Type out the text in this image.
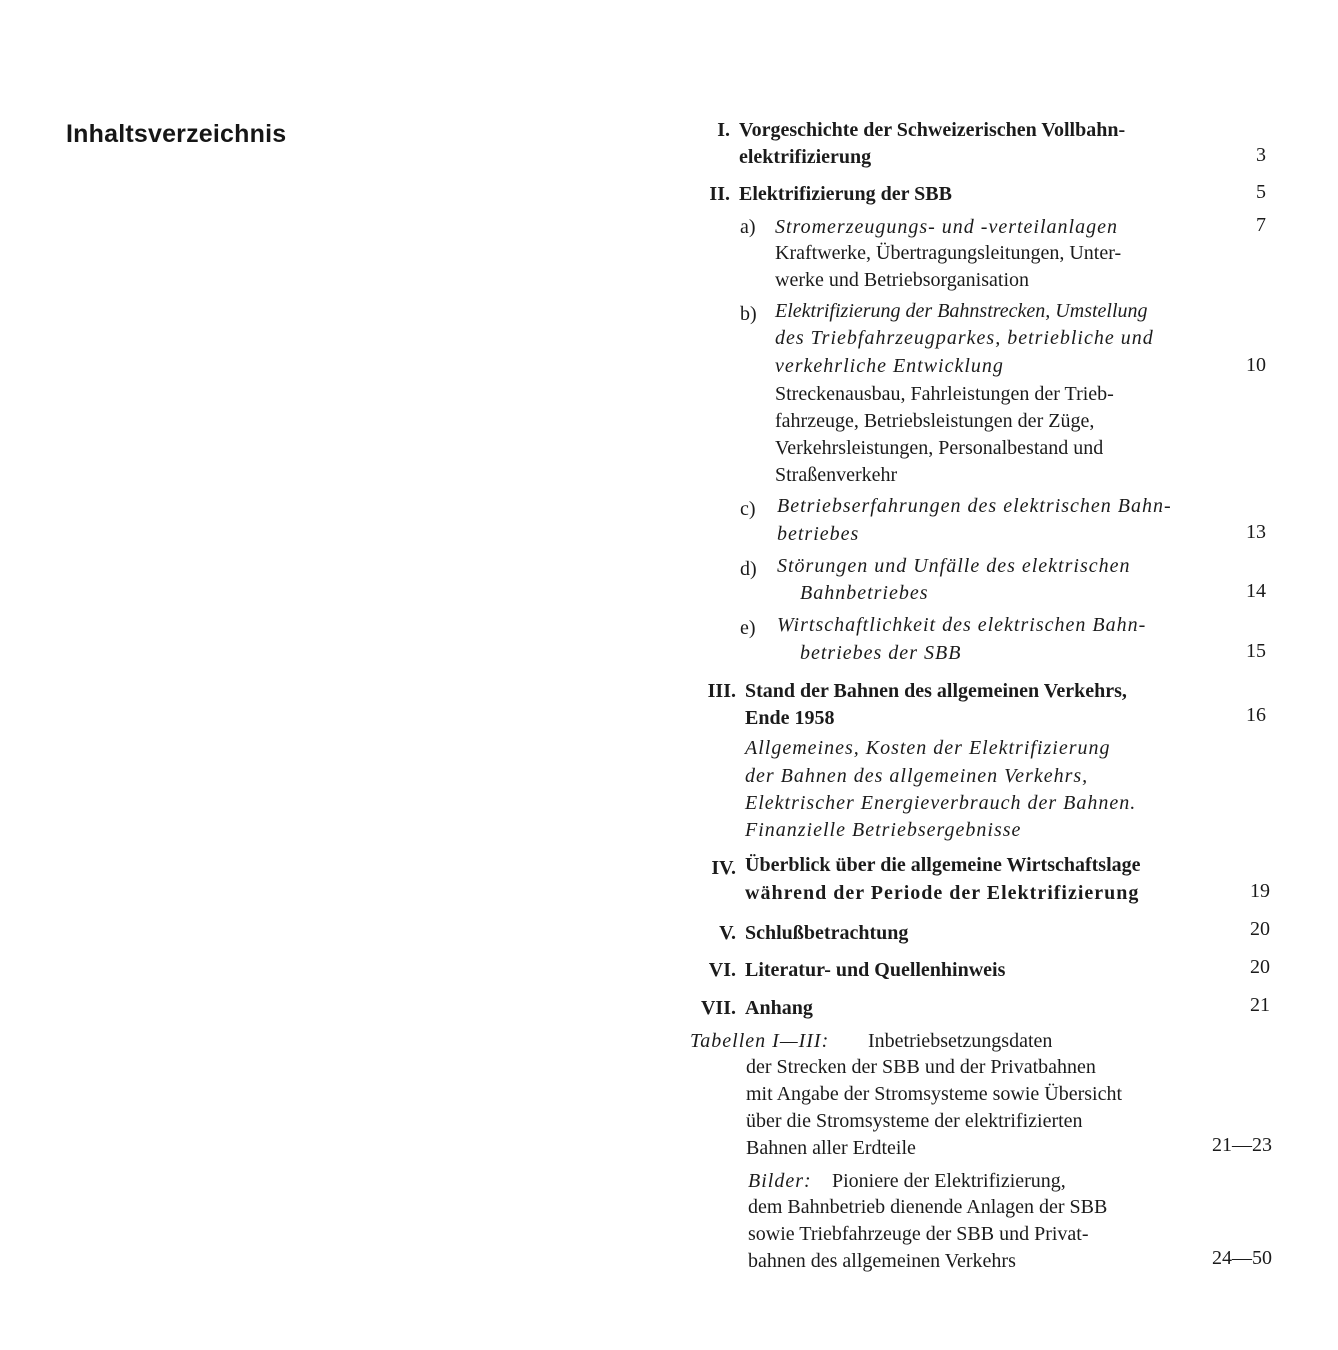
Inhaltsverzeichnis	I. Vorgeschichte der Schweizerischen Vollbahn-
elektrifizierung	3
II. Elektrifizierung der SBB	5
a) Stromerzeugungs- und -verteilanlagen	7
Kraftwerke, Übertragungsleitungen, Unter-
werke und Betriebsorganisation
b) Elektrifizierung der Bahnstrecken, Umstellung
des Triebfahrzeugparkes, betriebliche und
verkehrliche Entwicklung	10
Streckenausbau, Fahrleistungen der Trieb-
fahrzeuge, Betriebsleistungen der Züge,
Verkehrsleistungen, Personalbestand und
Straßenverkehr
c) Betriebserfahrungen des elektrischen Bahn-
betriebes	13
d) Störungen und Unfälle des elektrischen
Bahnbetriebes	14
e) Wirtschaftlichkeit des elektrischen Bahn-
betriebes der SBB	15
III. Stand der Bahnen des allgemeinen Verkehrs,
Ende 1958	16
Allgemeines, Kosten der Elektrifizierung
der Bahnen des allgemeinen Verkehrs,
Elektrischer Energieverbrauch der Bahnen.
Finanzielle Betriebsergebnisse
IV. Überblick über die allgemeine Wirtschaftslage
während der Periode der Elektrifizierung	19
V. Schlußbetrachtung	20
VI. Literatur- und Quellenhinweis	20
VII. Anhang	21
Tabellen I—III: Inbetriebsetzungsdaten
der Strecken der SBB und der Privatbahnen
mit Angabe der Stromsysteme sowie Übersicht
über die Stromsysteme der elektrifizierten
Bahnen aller Erdteile	21—23
Bilder: Pioniere der Elektrifizierung,
dem Bahnbetrieb dienende Anlagen der SBB
sowie Triebfahrzeuge der SBB und Privat-
bahnen des allgemeinen Verkehrs	24—50
